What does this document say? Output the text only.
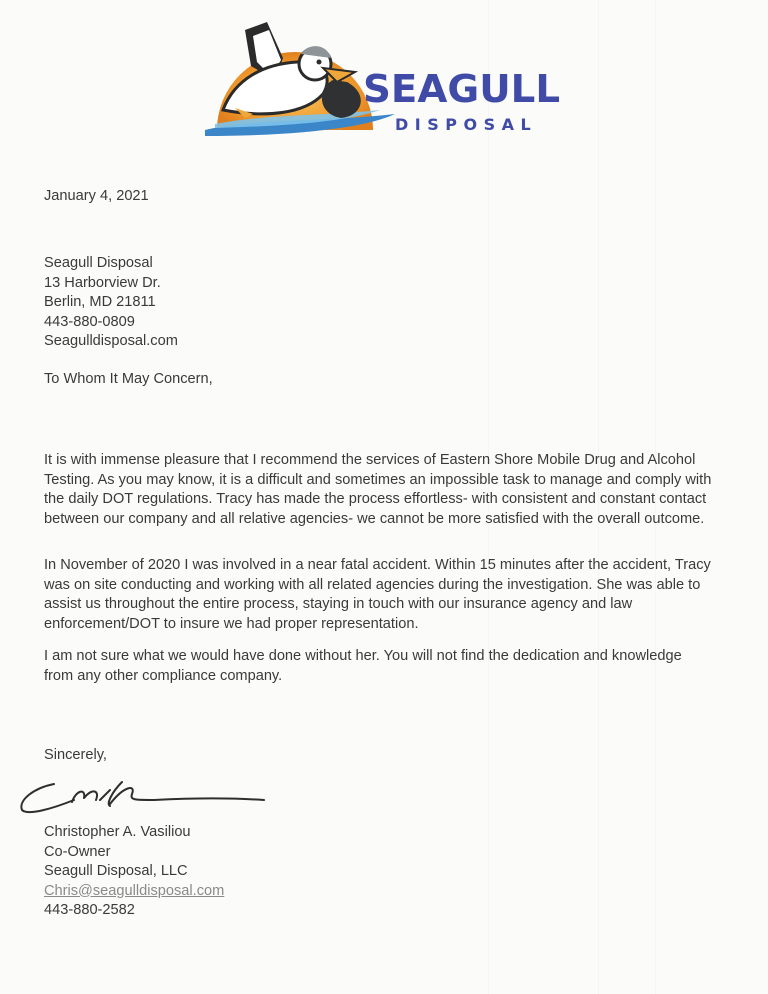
SEAGULL
DISPOSAL
January 4, 2021
Seagull Disposal
13 Harborview Dr.
Berlin, MD 21811
443-880-0809
Seagulldisposal.com
To Whom It May Concern,
It is with immense pleasure that I recommend the services of Eastern Shore Mobile Drug and Alcohol
Testing. As you may know, it is a difficult and sometimes an impossible task to manage and comply with
the daily DOT regulations. Tracy has made the process effortless- with consistent and constant contact
between our company and all relative agencies- we cannot be more satisfied with the overall outcome.
In November of 2020 I was involved in a near fatal accident. Within 15 minutes after the accident, Tracy
was on site conducting and working with all related agencies during the investigation. She was able to
assist us throughout the entire process, staying in touch with our insurance agency and law
enforcement/DOT to insure we had proper representation.
I am not sure what we would have done without her. You will not find the dedication and knowledge
from any other compliance company.
Sincerely,
Christopher A. Vasiliou
Co-Owner
Seagull Disposal, LLC
Chris@seagulldisposal.com
443-880-2582
